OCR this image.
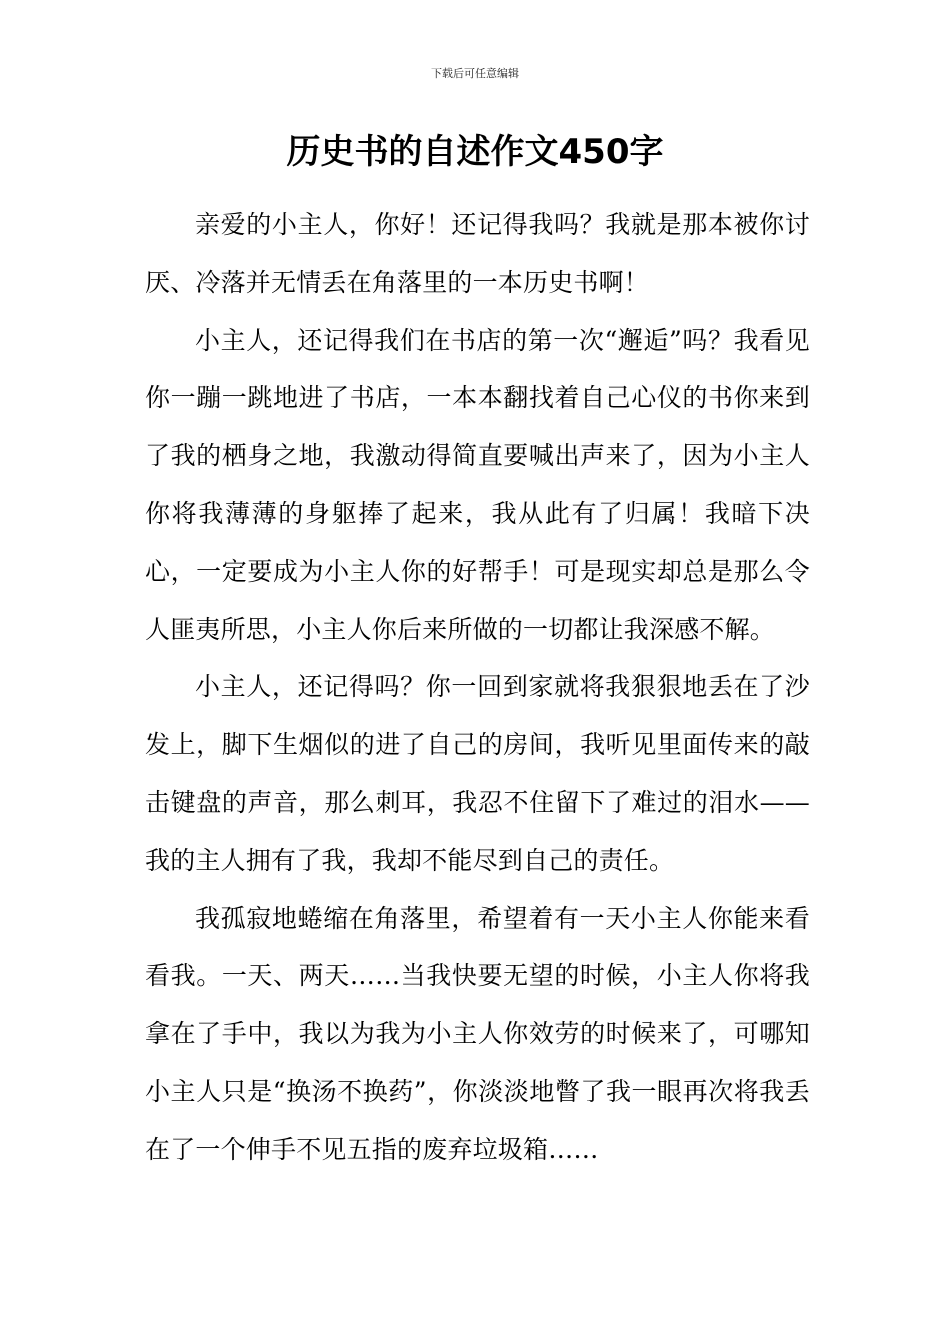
下载后可任意编辑
历史书的自述作文450字

亲爱的小主人，你好！还记得我吗？我就是那本被你讨厌、冷落并无情丢在角落里的一本历史书啊！

小主人，还记得我们在书店的第一次“邂逅”吗？我看见你一蹦一跳地进了书店，一本本翻找着自己心仪的书你来到了我的栖身之地，我激动得简直要喊出声来了，因为小主人你将我薄薄的身躯捧了起来，我从此有了归属！我暗下决心，一定要成为小主人你的好帮手！可是现实却总是那么令人匪夷所思，小主人你后来所做的一切都让我深感不解。

小主人，还记得吗？你一回到家就将我狠狠地丢在了沙发上，脚下生烟似的进了自己的房间，我听见里面传来的敲击键盘的声音，那么刺耳，我忍不住留下了难过的泪水——我的主人拥有了我，我却不能尽到自己的责任。

我孤寂地蜷缩在角落里，希望着有一天小主人你能来看看我。一天、两天……当我快要无望的时候，小主人你将我拿在了手中，我以为我为小主人你效劳的时候来了，可哪知小主人只是“换汤不换药”，你淡淡地瞥了我一眼再次将我丢在了一个伸手不见五指的废弃垃圾箱……
